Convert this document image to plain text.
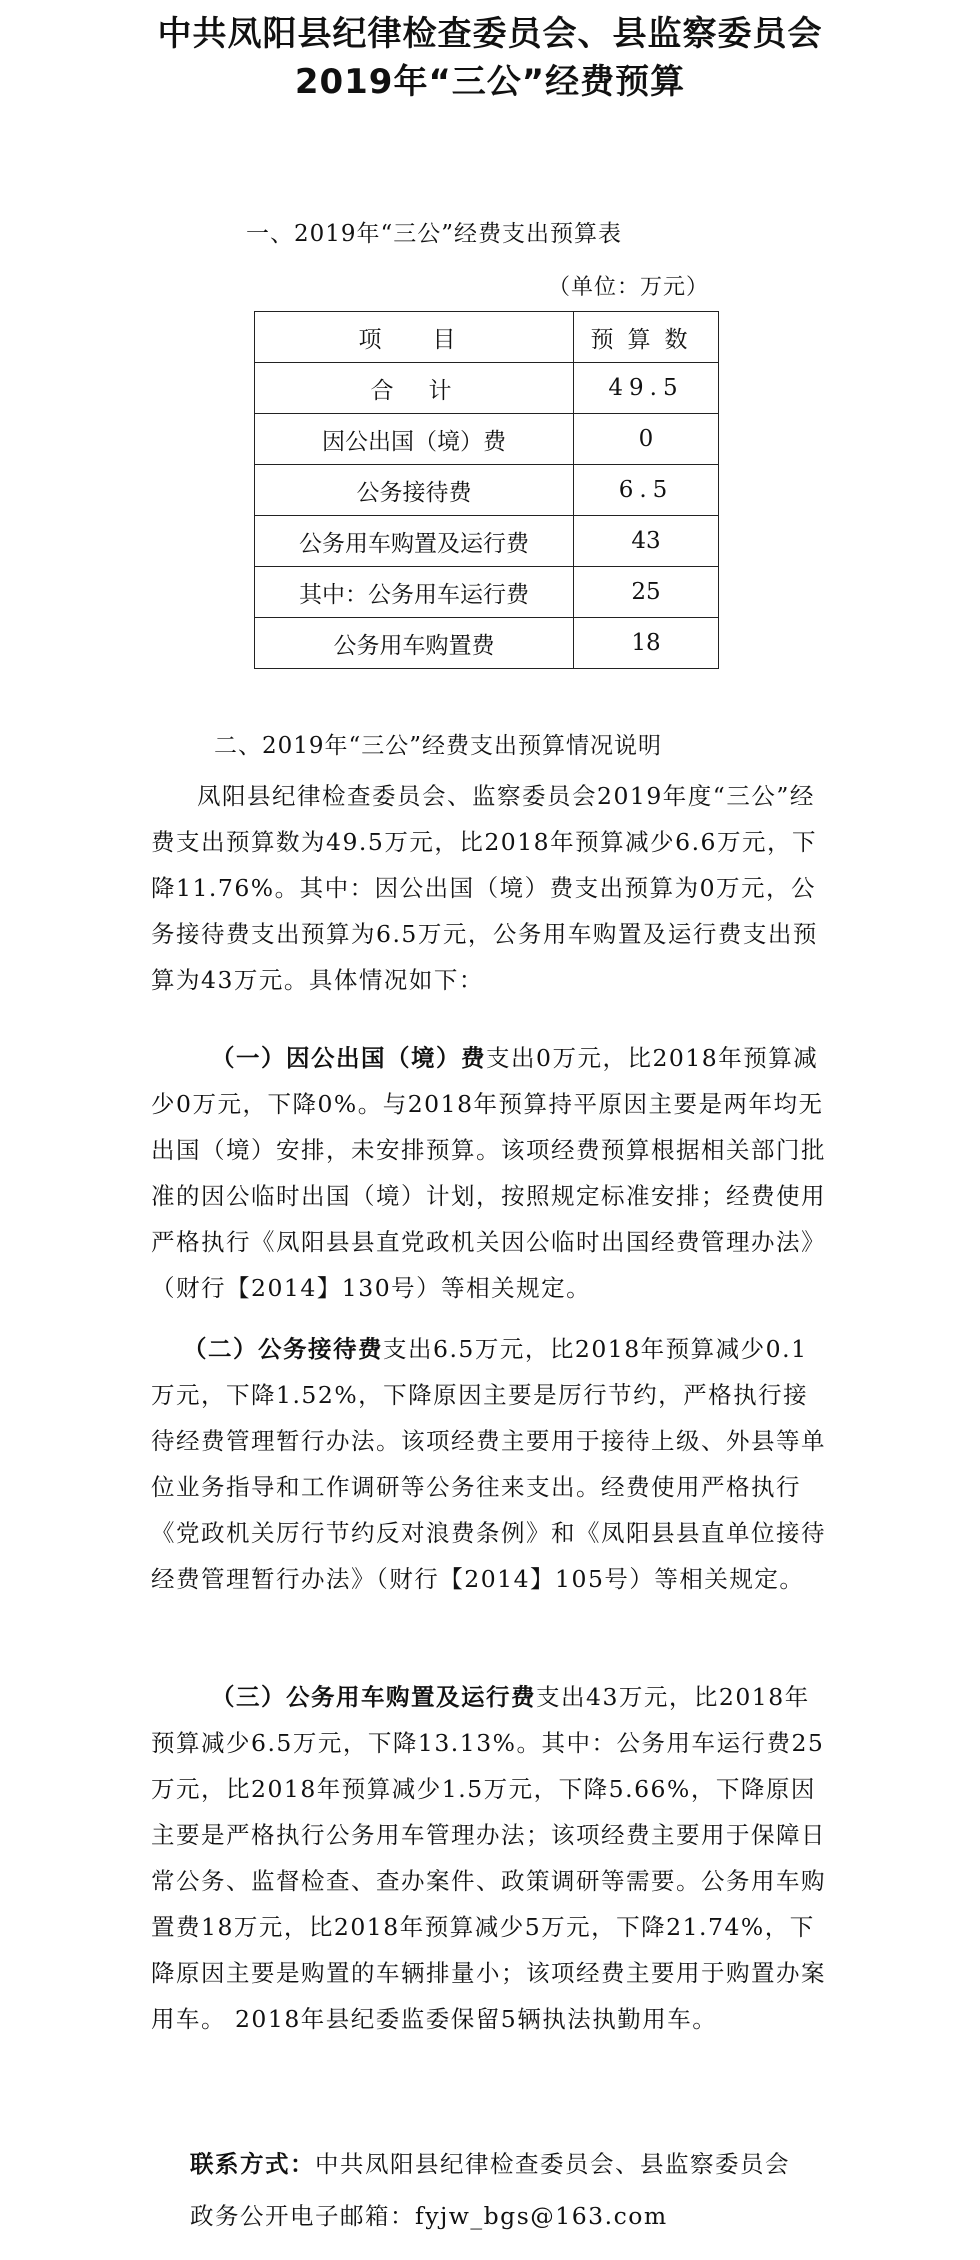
中共凤阳县纪律检查委员会、县监察委员会
2019年“三公”经费预算

一、2019年“三公”经费支出预算表

（单位：万元）
项　目	预算数
合　计	49.5
因公出国（境）费	0
公务接待费	6.5
公务用车购置及运行费	43
其中：公务用车运行费	25
公务用车购置费	18

二、2019年“三公”经费支出预算情况说明

凤阳县纪律检查委员会、监察委员会2019年度“三公”经费支出预算数为49.5万元，比2018年预算减少6.6万元，下降11.76%。其中：因公出国（境）费支出预算为0万元，公务接待费支出预算为6.5万元，公务用车购置及运行费支出预算为43万元。具体情况如下：

（一）因公出国（境）费支出0万元，比2018年预算减少0万元，下降0%。与2018年预算持平原因主要是两年均无出国（境）安排，未安排预算。该项经费预算根据相关部门批准的因公临时出国（境）计划，按照规定标准安排；经费使用严格执行《凤阳县县直党政机关因公临时出国经费管理办法》（财行【2014】130号）等相关规定。

（二）公务接待费支出6.5万元，比2018年预算减少0.1万元，下降1.52%，下降原因主要是厉行节约，严格执行接待经费管理暂行办法。该项经费主要用于接待上级、外县等单位业务指导和工作调研等公务往来支出。经费使用严格执行《党政机关厉行节约反对浪费条例》和《凤阳县县直单位接待经费管理暂行办法》（财行【2014】105号）等相关规定。

（三）公务用车购置及运行费支出43万元，比2018年预算减少6.5万元，下降13.13%。其中：公务用车运行费25万元，比2018年预算减少1.5万元，下降5.66%，下降原因主要是严格执行公务用车管理办法；该项经费主要用于保障日常公务、监督检查、查办案件、政策调研等需要。公务用车购置费18万元，比2018年预算减少5万元，下降21.74%，下降原因主要是购置的车辆排量小；该项经费主要用于购置办案用车。 2018年县纪委监委保留5辆执法执勤用车。

联系方式：中共凤阳县纪律检查委员会、县监察委员会

政务公开电子邮箱：fyjw_bgs@163.com
